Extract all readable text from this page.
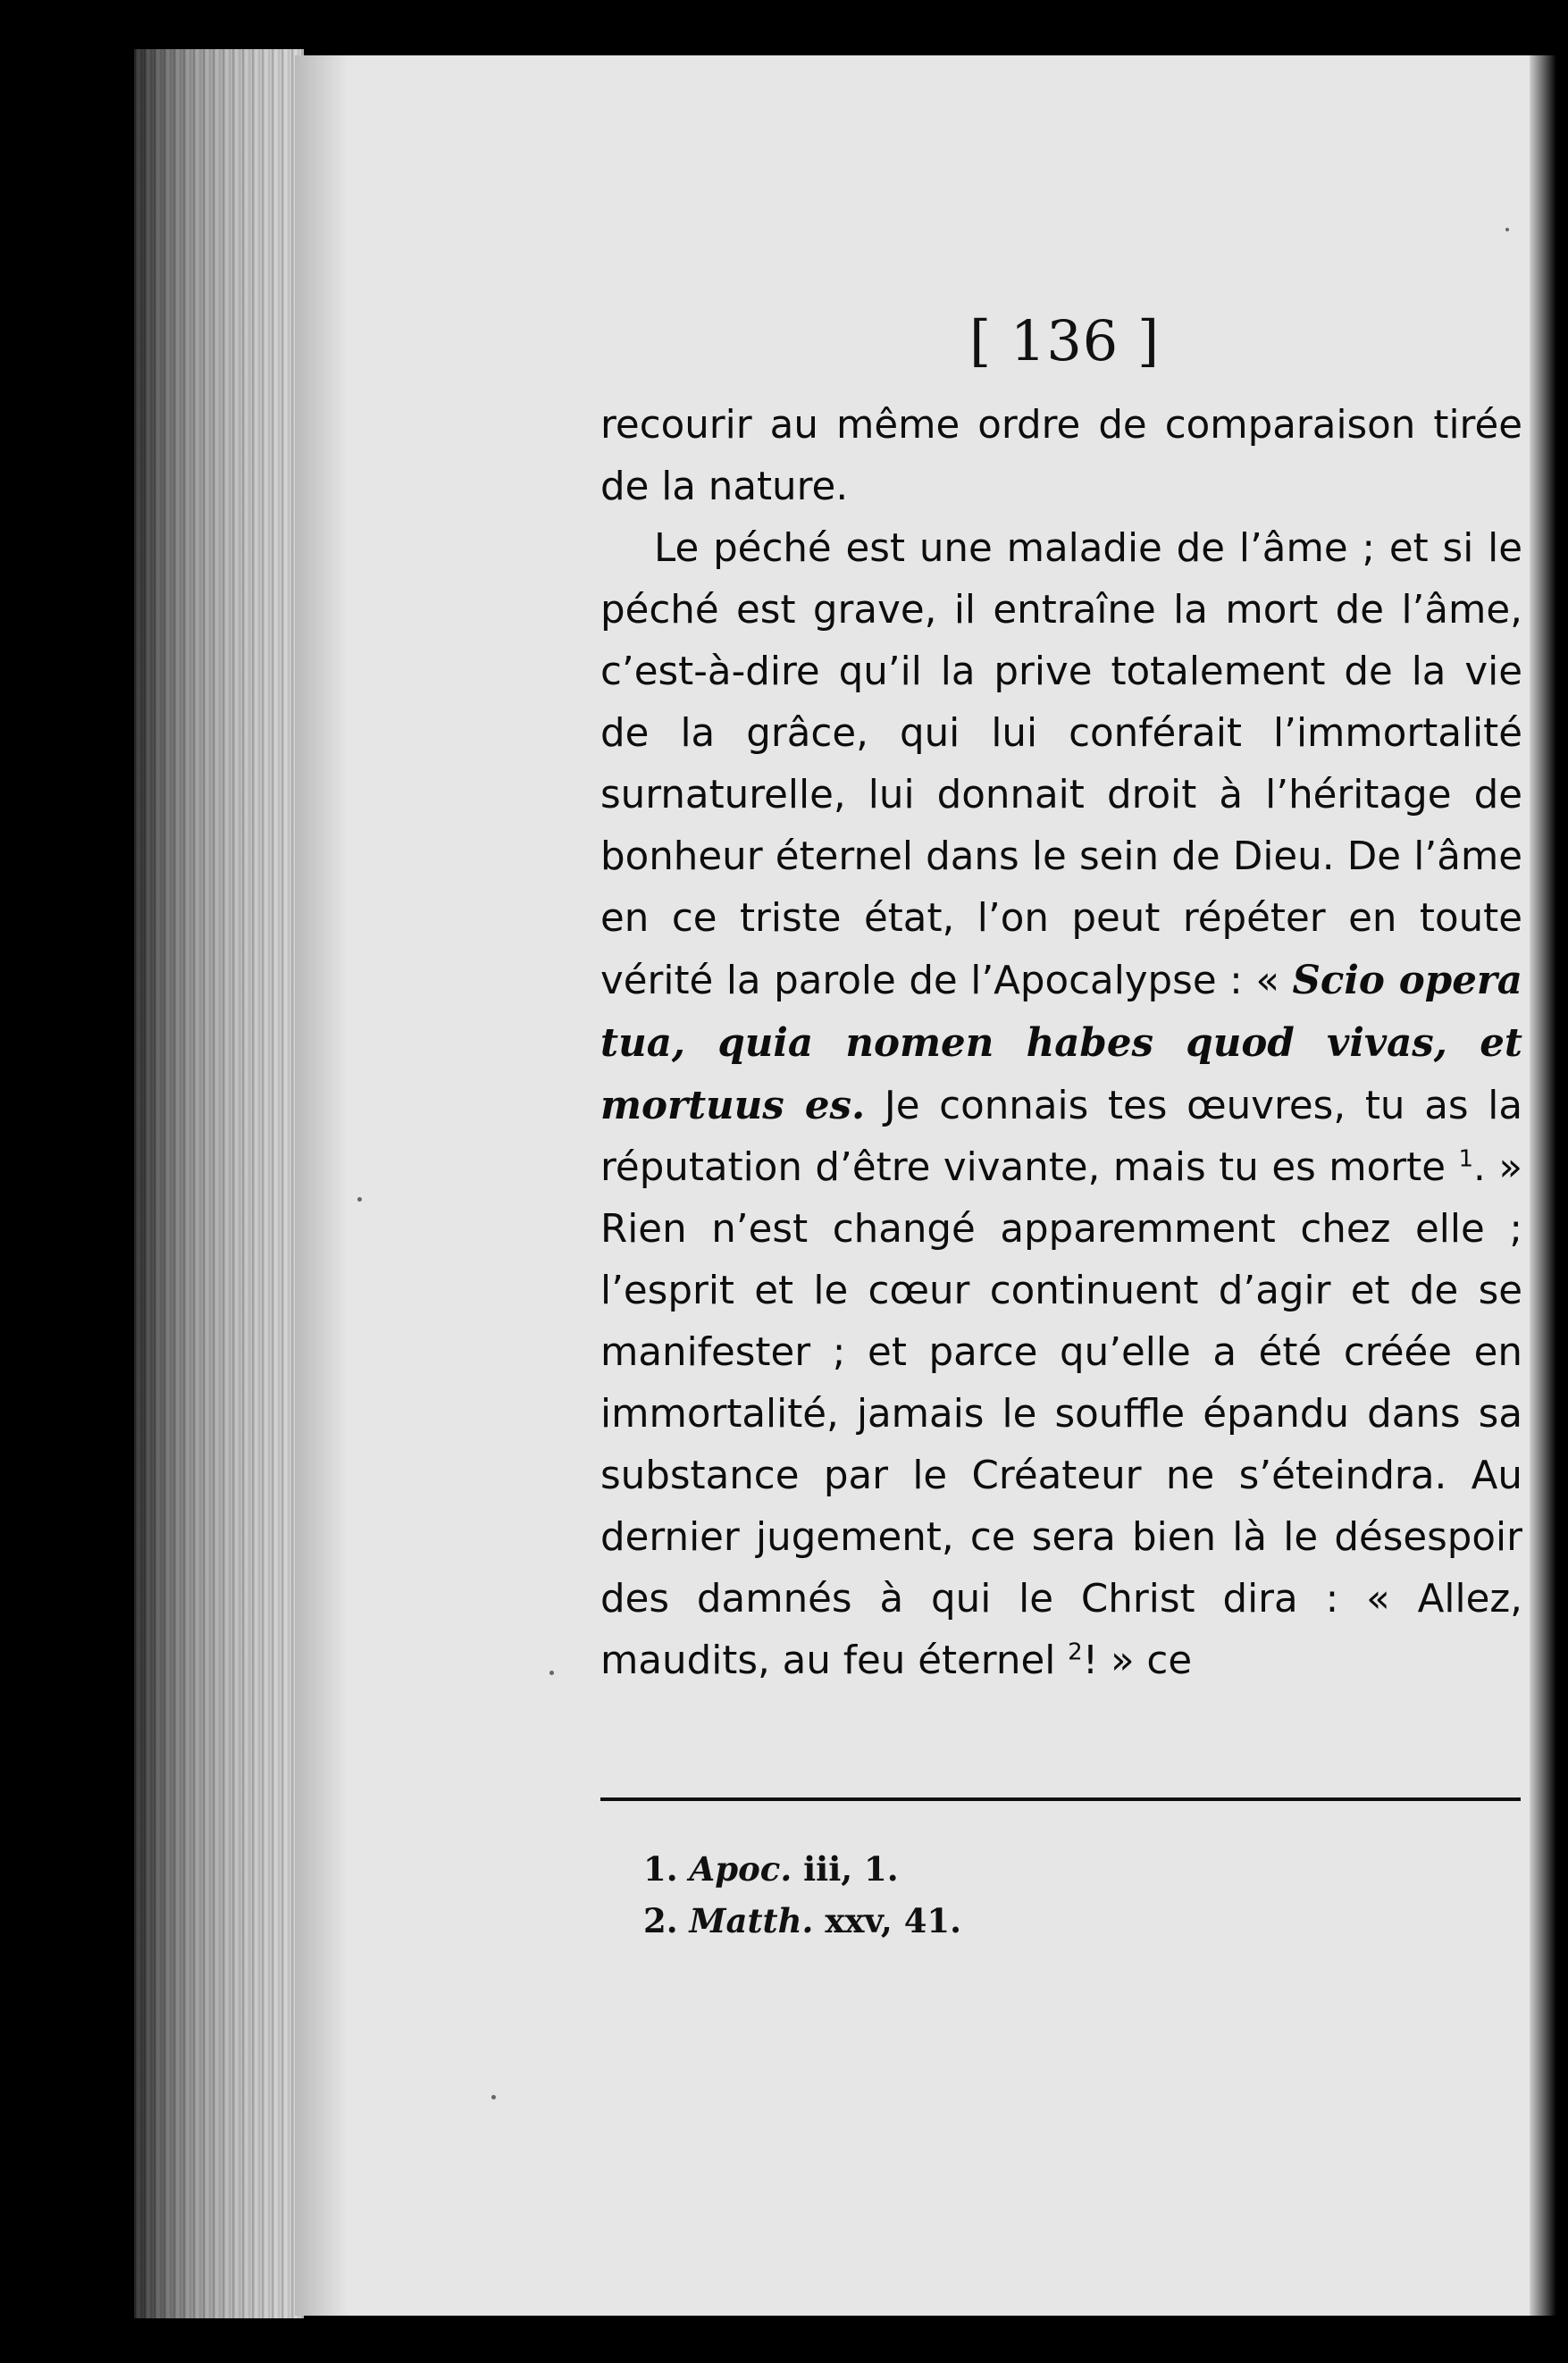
[ 136 ]

recourir au même ordre de comparaison tirée de la nature.

Le péché est une maladie de l’âme ; et si le péché est grave, il entraîne la mort de l’âme, c’est-à-dire qu’il la prive totalement de la vie de la grâce, qui lui conférait l’immortalité surnaturelle, lui donnait droit à l’héritage de bonheur éternel dans le sein de Dieu. De l’âme en ce triste état, l’on peut répéter en toute vérité la parole de l’Apocalypse : « Scio opera tua, quia nomen habes quod vivas, et mortuus es. Je connais tes œuvres, tu as la réputation d’être vivante, mais tu es morte $^1$. » Rien n’est changé apparemment chez elle ; l’esprit et le cœur continuent d’agir et de se manifester ; et parce qu’elle a été créée en immortalité, jamais le souffle épandu dans sa substance par le Créateur ne s’éteindra. Au dernier jugement, ce sera bien là le désespoir des damnés à qui le Christ dira : « Allez, maudits, au feu éternel $^2$! » ce

1. Apoc. iii, 1.
2. Matth. xxv, 41.
